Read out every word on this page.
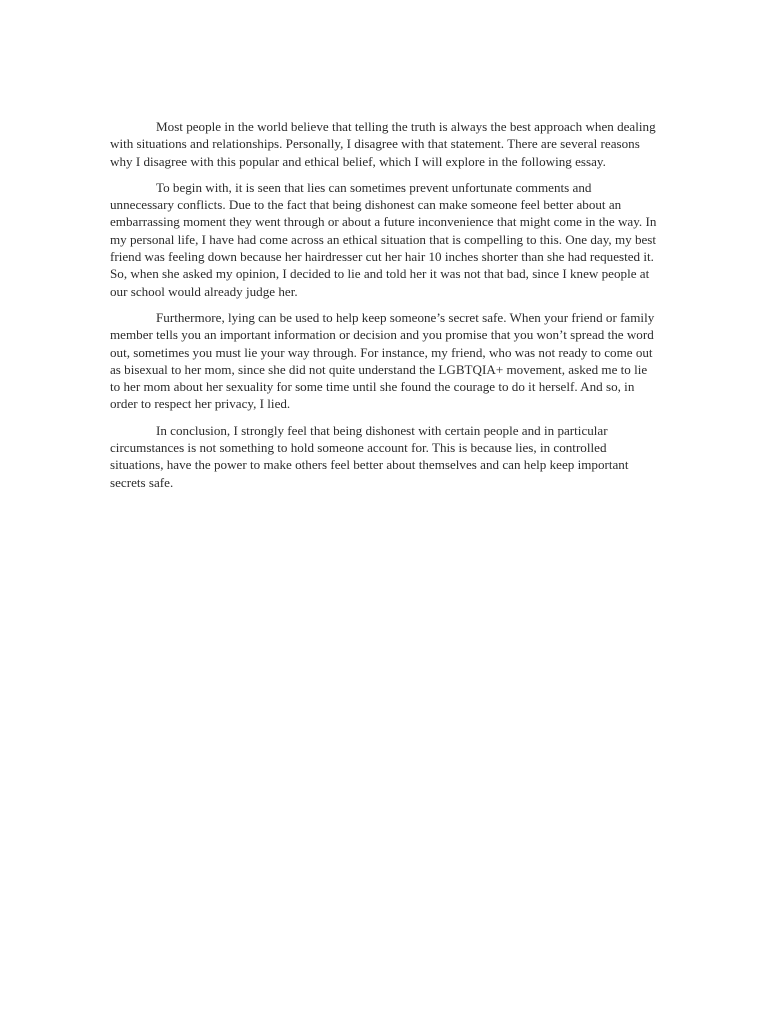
Most people in the world believe that telling the truth is always the best approach when dealing with situations and relationships. Personally, I disagree with that statement. There are several reasons why I disagree with this popular and ethical belief, which I will explore in the following essay.

To begin with, it is seen that lies can sometimes prevent unfortunate comments and unnecessary conflicts. Due to the fact that being dishonest can make someone feel better about an embarrassing moment they went through or about a future inconvenience that might come in the way. In my personal life, I have had come across an ethical situation that is compelling to this. One day, my best friend was feeling down because her hairdresser cut her hair 10 inches shorter than she had requested it. So, when she asked my opinion, I decided to lie and told her it was not that bad, since I knew people at our school would already judge her.

Furthermore, lying can be used to help keep someone’s secret safe. When your friend or family member tells you an important information or decision and you promise that you won’t spread the word out, sometimes you must lie your way through. For instance, my friend, who was not ready to come out as bisexual to her mom, since she did not quite understand the LGBTQIA+ movement, asked me to lie to her mom about her sexuality for some time until she found the courage to do it herself. And so, in order to respect her privacy, I lied.

In conclusion, I strongly feel that being dishonest with certain people and in particular circumstances is not something to hold someone account for. This is because lies, in controlled situations, have the power to make others feel better about themselves and can help keep important secrets safe.
